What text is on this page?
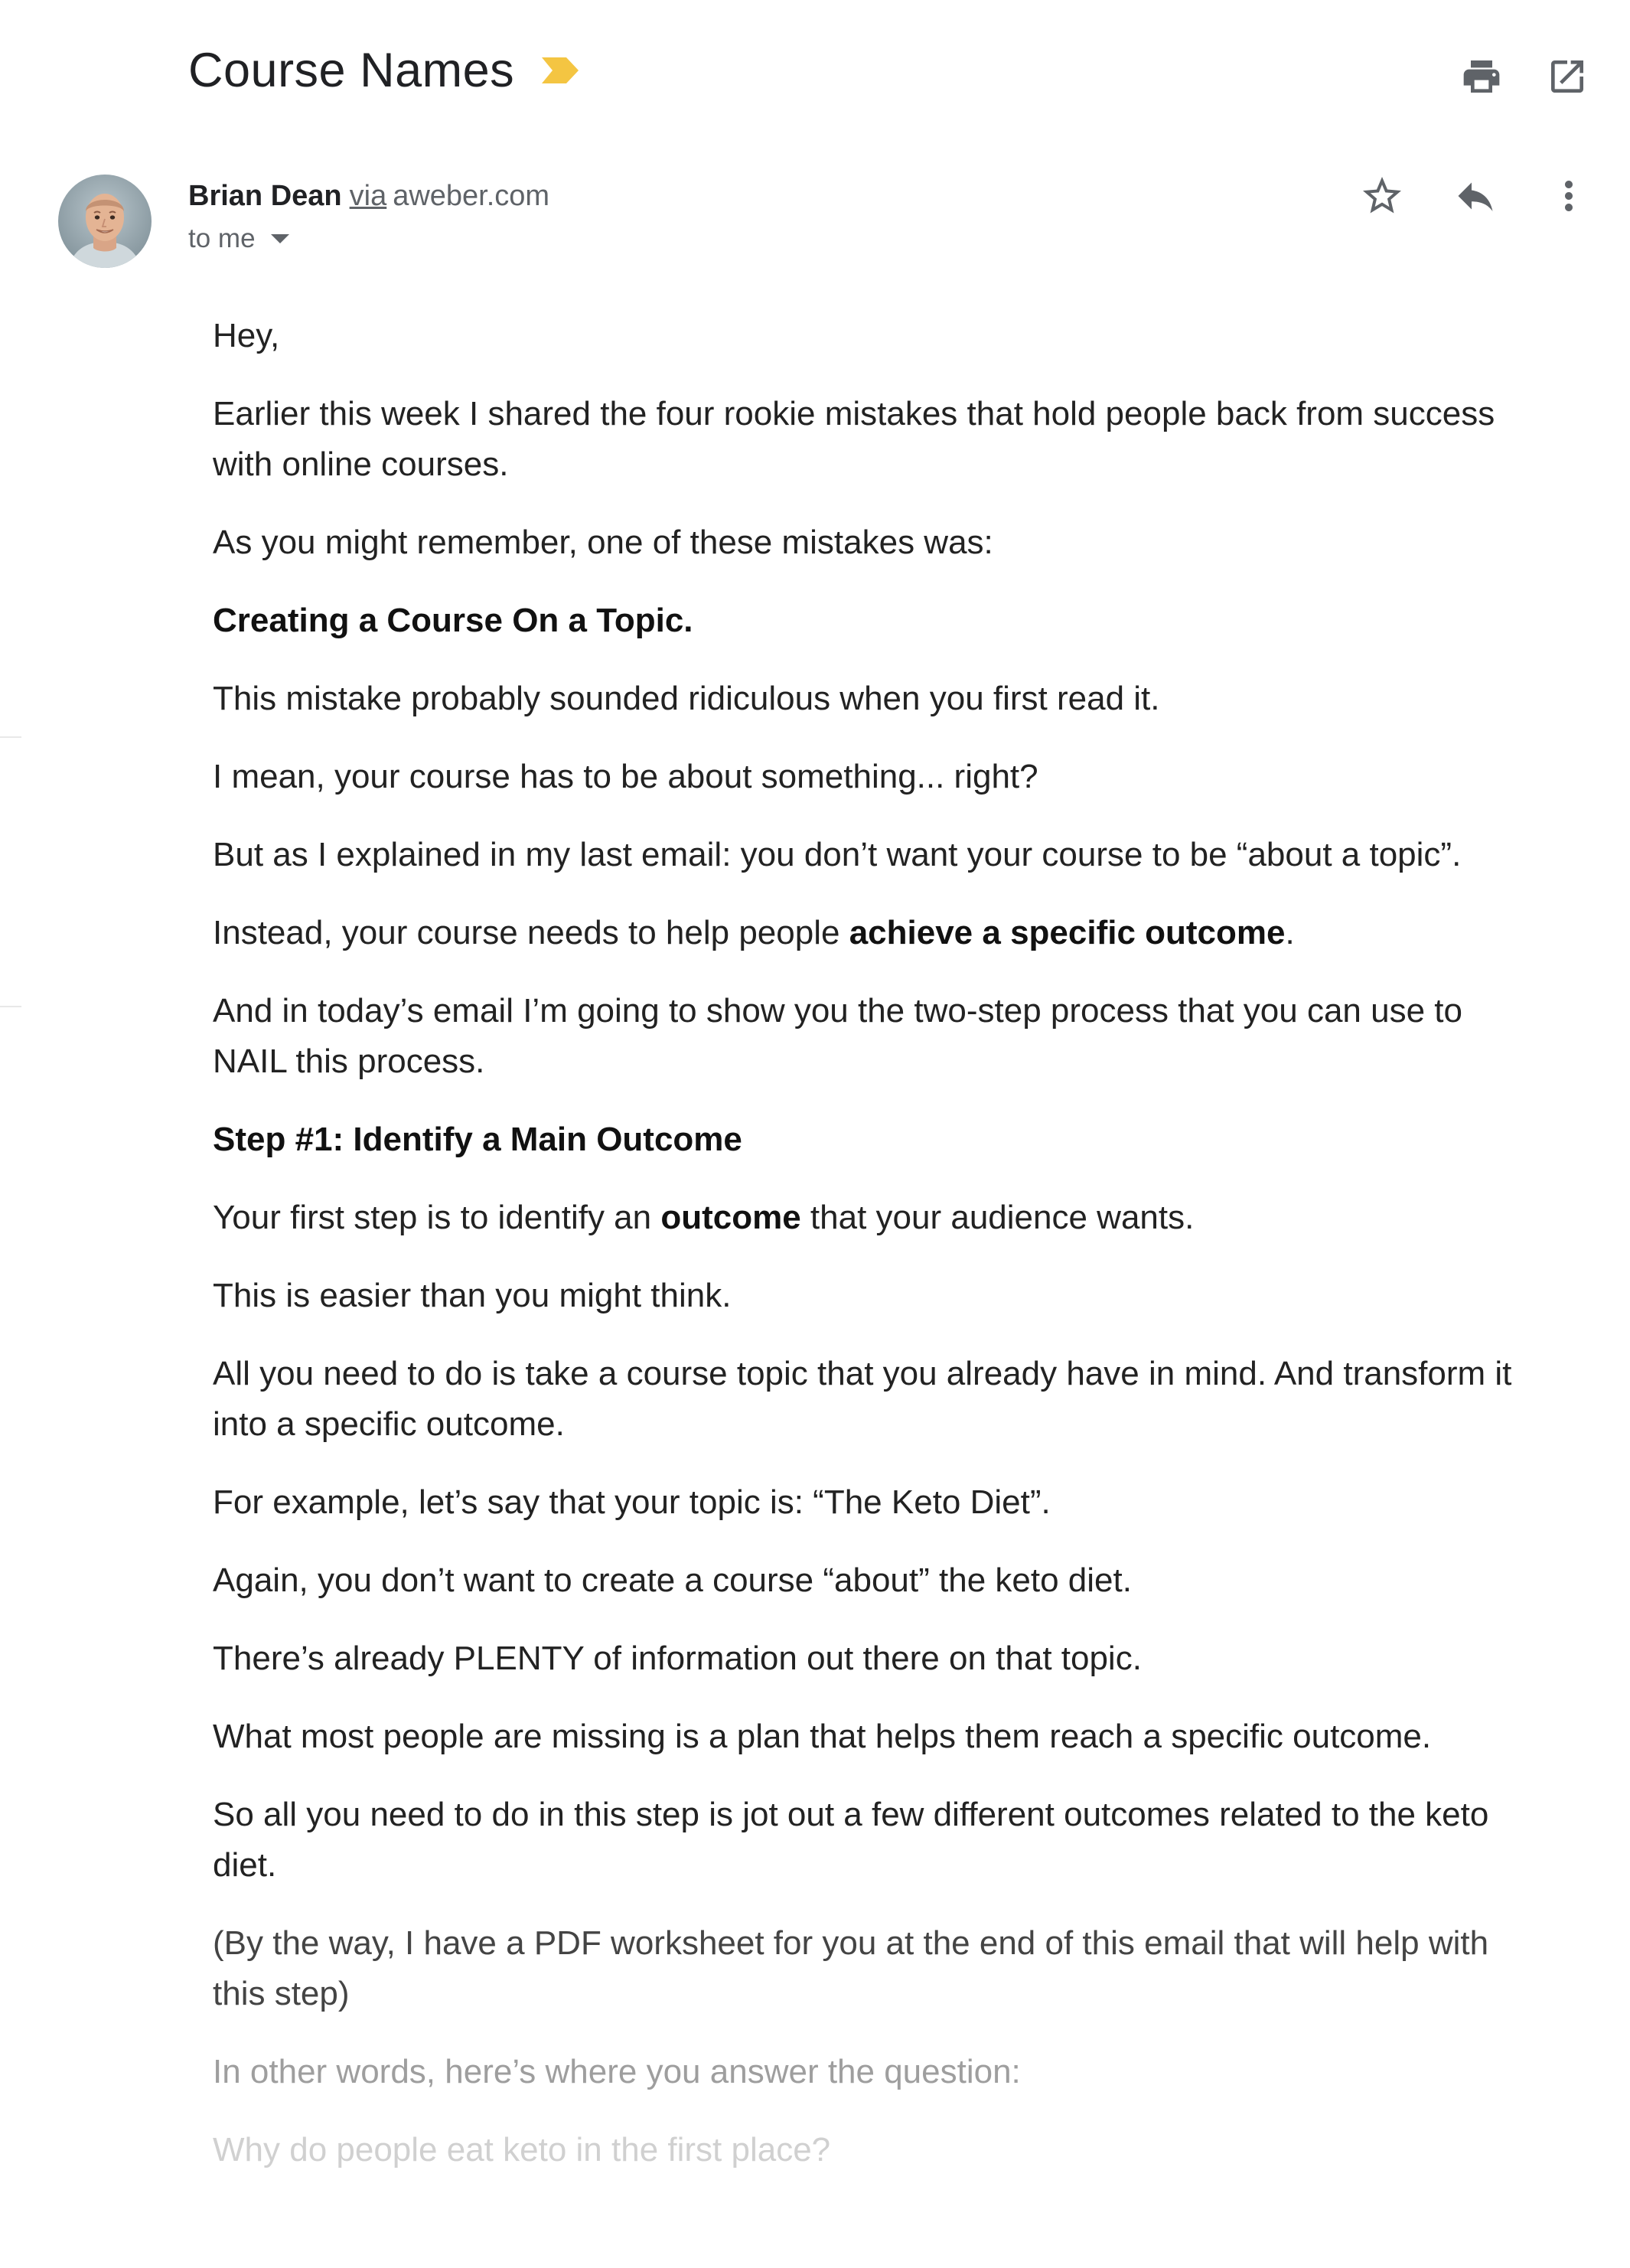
Course Names
Brian Dean via aweber.com
to me

Hey,

Earlier this week I shared the four rookie mistakes that hold people back from success with online courses.

As you might remember, one of these mistakes was:

Creating a Course On a Topic.

This mistake probably sounded ridiculous when you first read it.

I mean, your course has to be about something... right?

But as I explained in my last email: you don’t want your course to be “about a topic”.

Instead, your course needs to help people achieve a specific outcome.

And in today’s email I’m going to show you the two-step process that you can use to NAIL this process.

Step #1: Identify a Main Outcome

Your first step is to identify an outcome that your audience wants.

This is easier than you might think.

All you need to do is take a course topic that you already have in mind. And transform it into a specific outcome.

For example, let’s say that your topic is: “The Keto Diet”.

Again, you don’t want to create a course “about” the keto diet.

There’s already PLENTY of information out there on that topic.

What most people are missing is a plan that helps them reach a specific outcome.

So all you need to do in this step is jot out a few different outcomes related to the keto diet.

(By the way, I have a PDF worksheet for you at the end of this email that will help with this step)

In other words, here’s where you answer the question:

Why do people eat keto in the first place?
